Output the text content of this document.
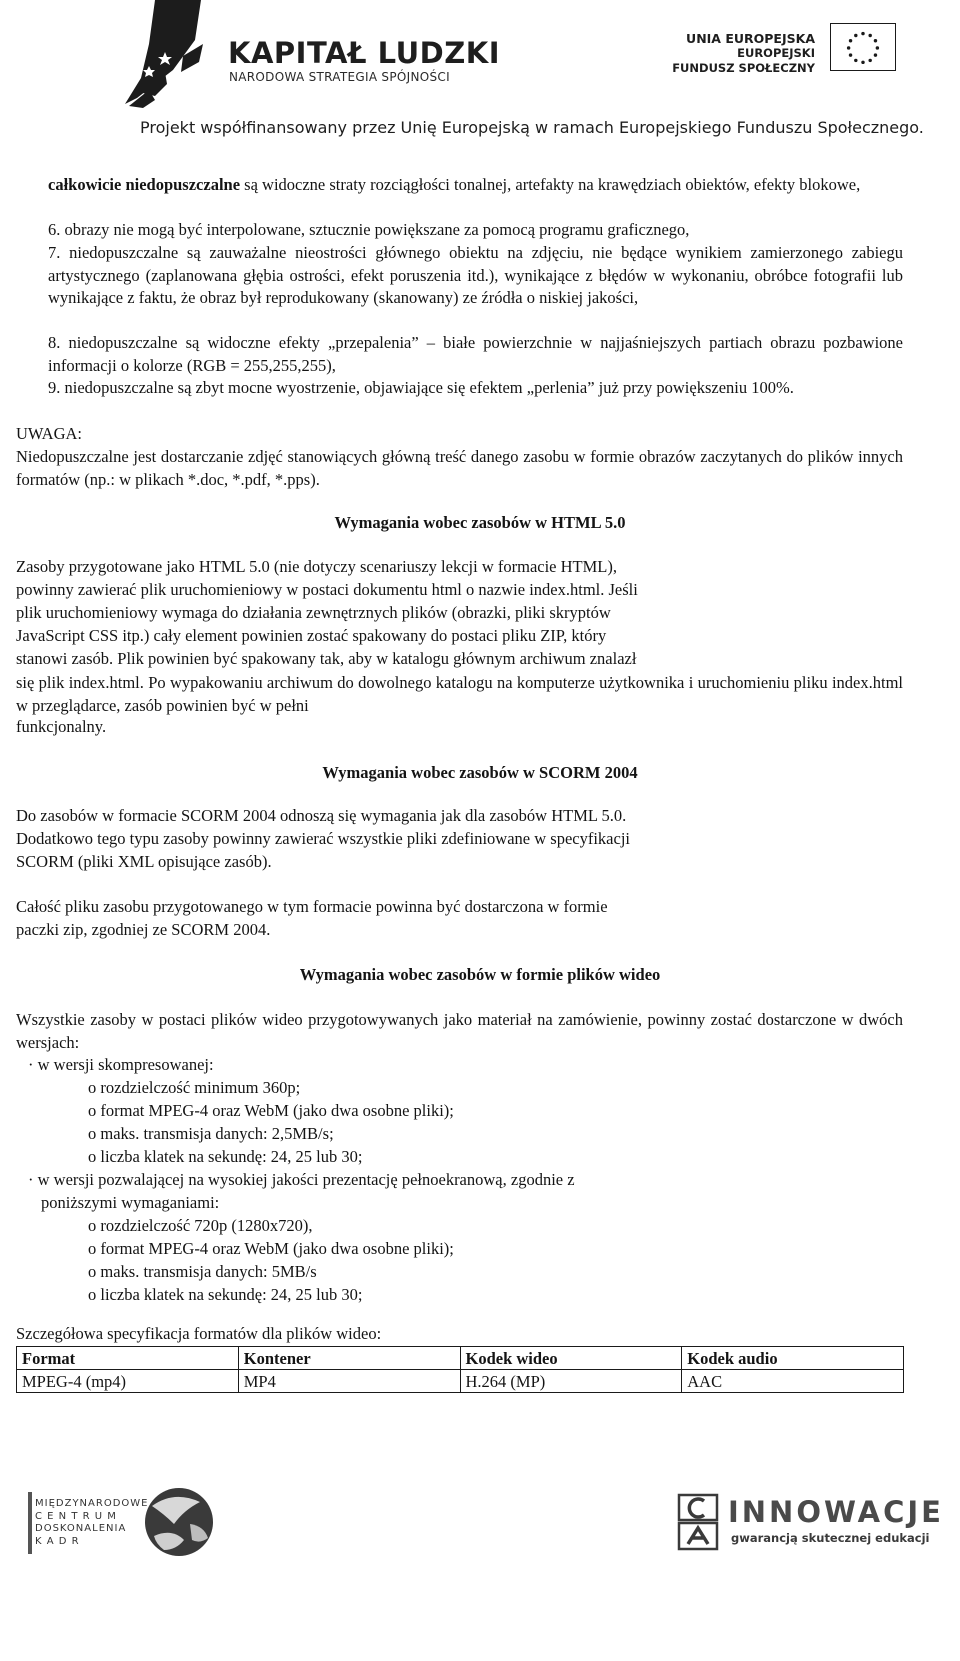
KAPITAŁ LUDZKI
NARODOWA STRATEGIA SPÓJNOŚCI
UNIA EUROPEJSKA
EUROPEJSKI
FUNDUSZ SPOŁECZNY
Projekt współfinansowany przez Unię Europejską w ramach Europejskiego Funduszu Społecznego.

całkowicie niedopuszczalne są widoczne straty rozciągłości tonalnej, artefakty na krawędziach obiektów, efekty blokowe,

6. obrazy nie mogą być interpolowane, sztucznie powiększane za pomocą programu graficznego,

7. niedopuszczalne są zauważalne nieostrości głównego obiektu na zdjęciu, nie będące wynikiem zamierzonego zabiegu artystycznego (zaplanowana głębia ostrości, efekt poruszenia itd.), wynikające z błędów w wykonaniu, obróbce fotografii lub wynikające z faktu, że obraz był reprodukowany (skanowany) ze źródła o niskiej jakości,

8. niedopuszczalne są widoczne efekty „przepalenia” – białe powierzchnie w najjaśniejszych partiach obrazu pozbawione informacji o kolorze (RGB = 255,255,255),

9. niedopuszczalne są zbyt mocne wyostrzenie, objawiające się efektem „perlenia” już przy powiększeniu 100%.

UWAGA:

Niedopuszczalne jest dostarczanie zdjęć stanowiących główną treść danego zasobu w formie obrazów zaczytanych do plików innych formatów (np.: w plikach *.doc, *.pdf, *.pps).

Wymagania wobec zasobów w HTML 5.0

Zasoby przygotowane jako HTML 5.0 (nie dotyczy scenariuszy lekcji w formacie HTML),

powinny zawierać plik uruchomieniowy w postaci dokumentu html o nazwie index.html. Jeśli

plik uruchomieniowy wymaga do działania zewnętrznych plików (obrazki, pliki skryptów

JavaScript CSS itp.) cały element powinien zostać spakowany do postaci pliku ZIP, który

stanowi zasób. Plik powinien być spakowany tak, aby w katalogu głównym archiwum znalazł

się plik index.html. Po wypakowaniu archiwum do dowolnego katalogu na komputerze użytkownika i uruchomieniu pliku index.html w przeglądarce, zasób powinien być w pełni

funkcjonalny.

Wymagania wobec zasobów w SCORM 2004

Do zasobów w formacie SCORM 2004 odnoszą się wymagania jak dla zasobów HTML 5.0.

Dodatkowo tego typu zasoby powinny zawierać wszystkie pliki zdefiniowane w specyfikacji

SCORM (pliki XML opisujące zasób).

Całość pliku zasobu przygotowanego w tym formacie powinna być dostarczona w formie

paczki zip, zgodniej ze SCORM 2004.

Wymagania wobec zasobów w formie plików wideo

Wszystkie zasoby w postaci plików wideo przygotowywanych jako materiał na zamówienie, powinny zostać dostarczone w dwóch wersjach:

· w wersji skompresowanej:

o rozdzielczość minimum 360p;

o format MPEG-4 oraz WebM (jako dwa osobne pliki);

o maks. transmisja danych: 2,5MB/s;

o liczba klatek na sekundę: 24, 25 lub 30;

· w wersji pozwalającej na wysokiej jakości prezentację pełnoekranową, zgodnie z

poniższymi wymaganiami:

o rozdzielczość 720p (1280x720),

o format MPEG-4 oraz WebM (jako dwa osobne pliki);

o maks. transmisja danych: 5MB/s

o liczba klatek na sekundę: 24, 25 lub 30;

Szczegółowa specyfikacja formatów dla plików wideo:

Format	Kontener	Kodek wideo	Kodek audio
MPEG-4 (mp4)	MP4	H.264 (MP)	AAC
MIĘDZYNARODOWE
C E N T R U M
DOSKONALENIA
K A D R
INNOWACJE
gwarancją skutecznej edukacji
